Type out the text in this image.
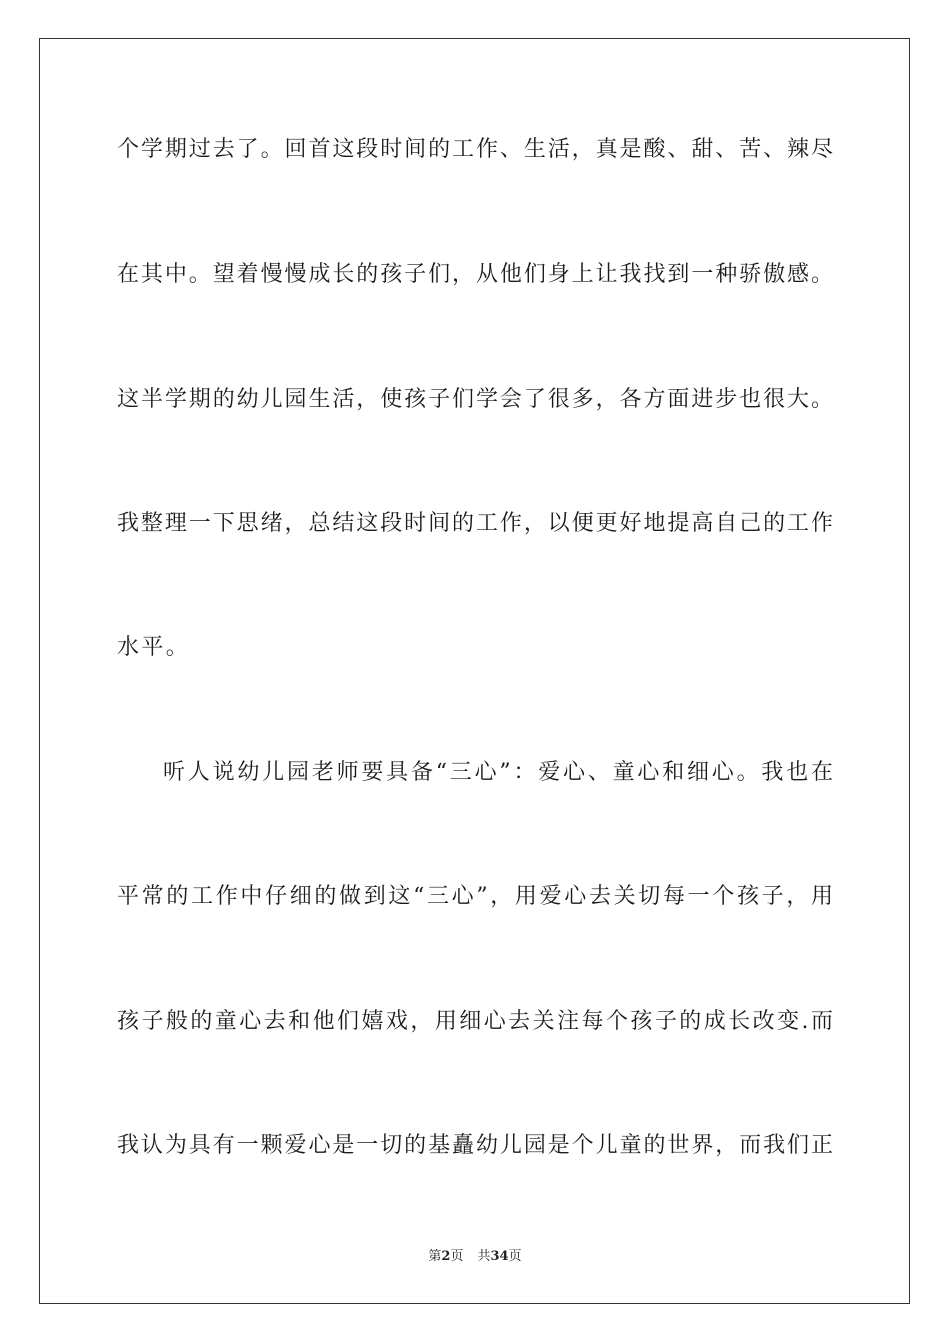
个学期过去了。回首这段时间的工作、生活，真是酸、甜、苦、辣尽
在其中。望着慢慢成长的孩子们，从他们身上让我找到一种骄傲感。
这半学期的幼儿园生活，使孩子们学会了很多，各方面进步也很大。
我整理一下思绪，总结这段时间的工作，以便更好地提高自己的工作
水平。
听人说幼儿园老师要具备“三心”：爱心、童心和细心。我也在
平常的工作中仔细的做到这“三心”，用爱心去关切每一个孩子，用
孩子般的童心去和他们嬉戏，用细心去关注每个孩子的成长改变.而
我认为具有一颗爱心是一切的基矗幼儿园是个儿童的世界，而我们正
第2页 共34页
